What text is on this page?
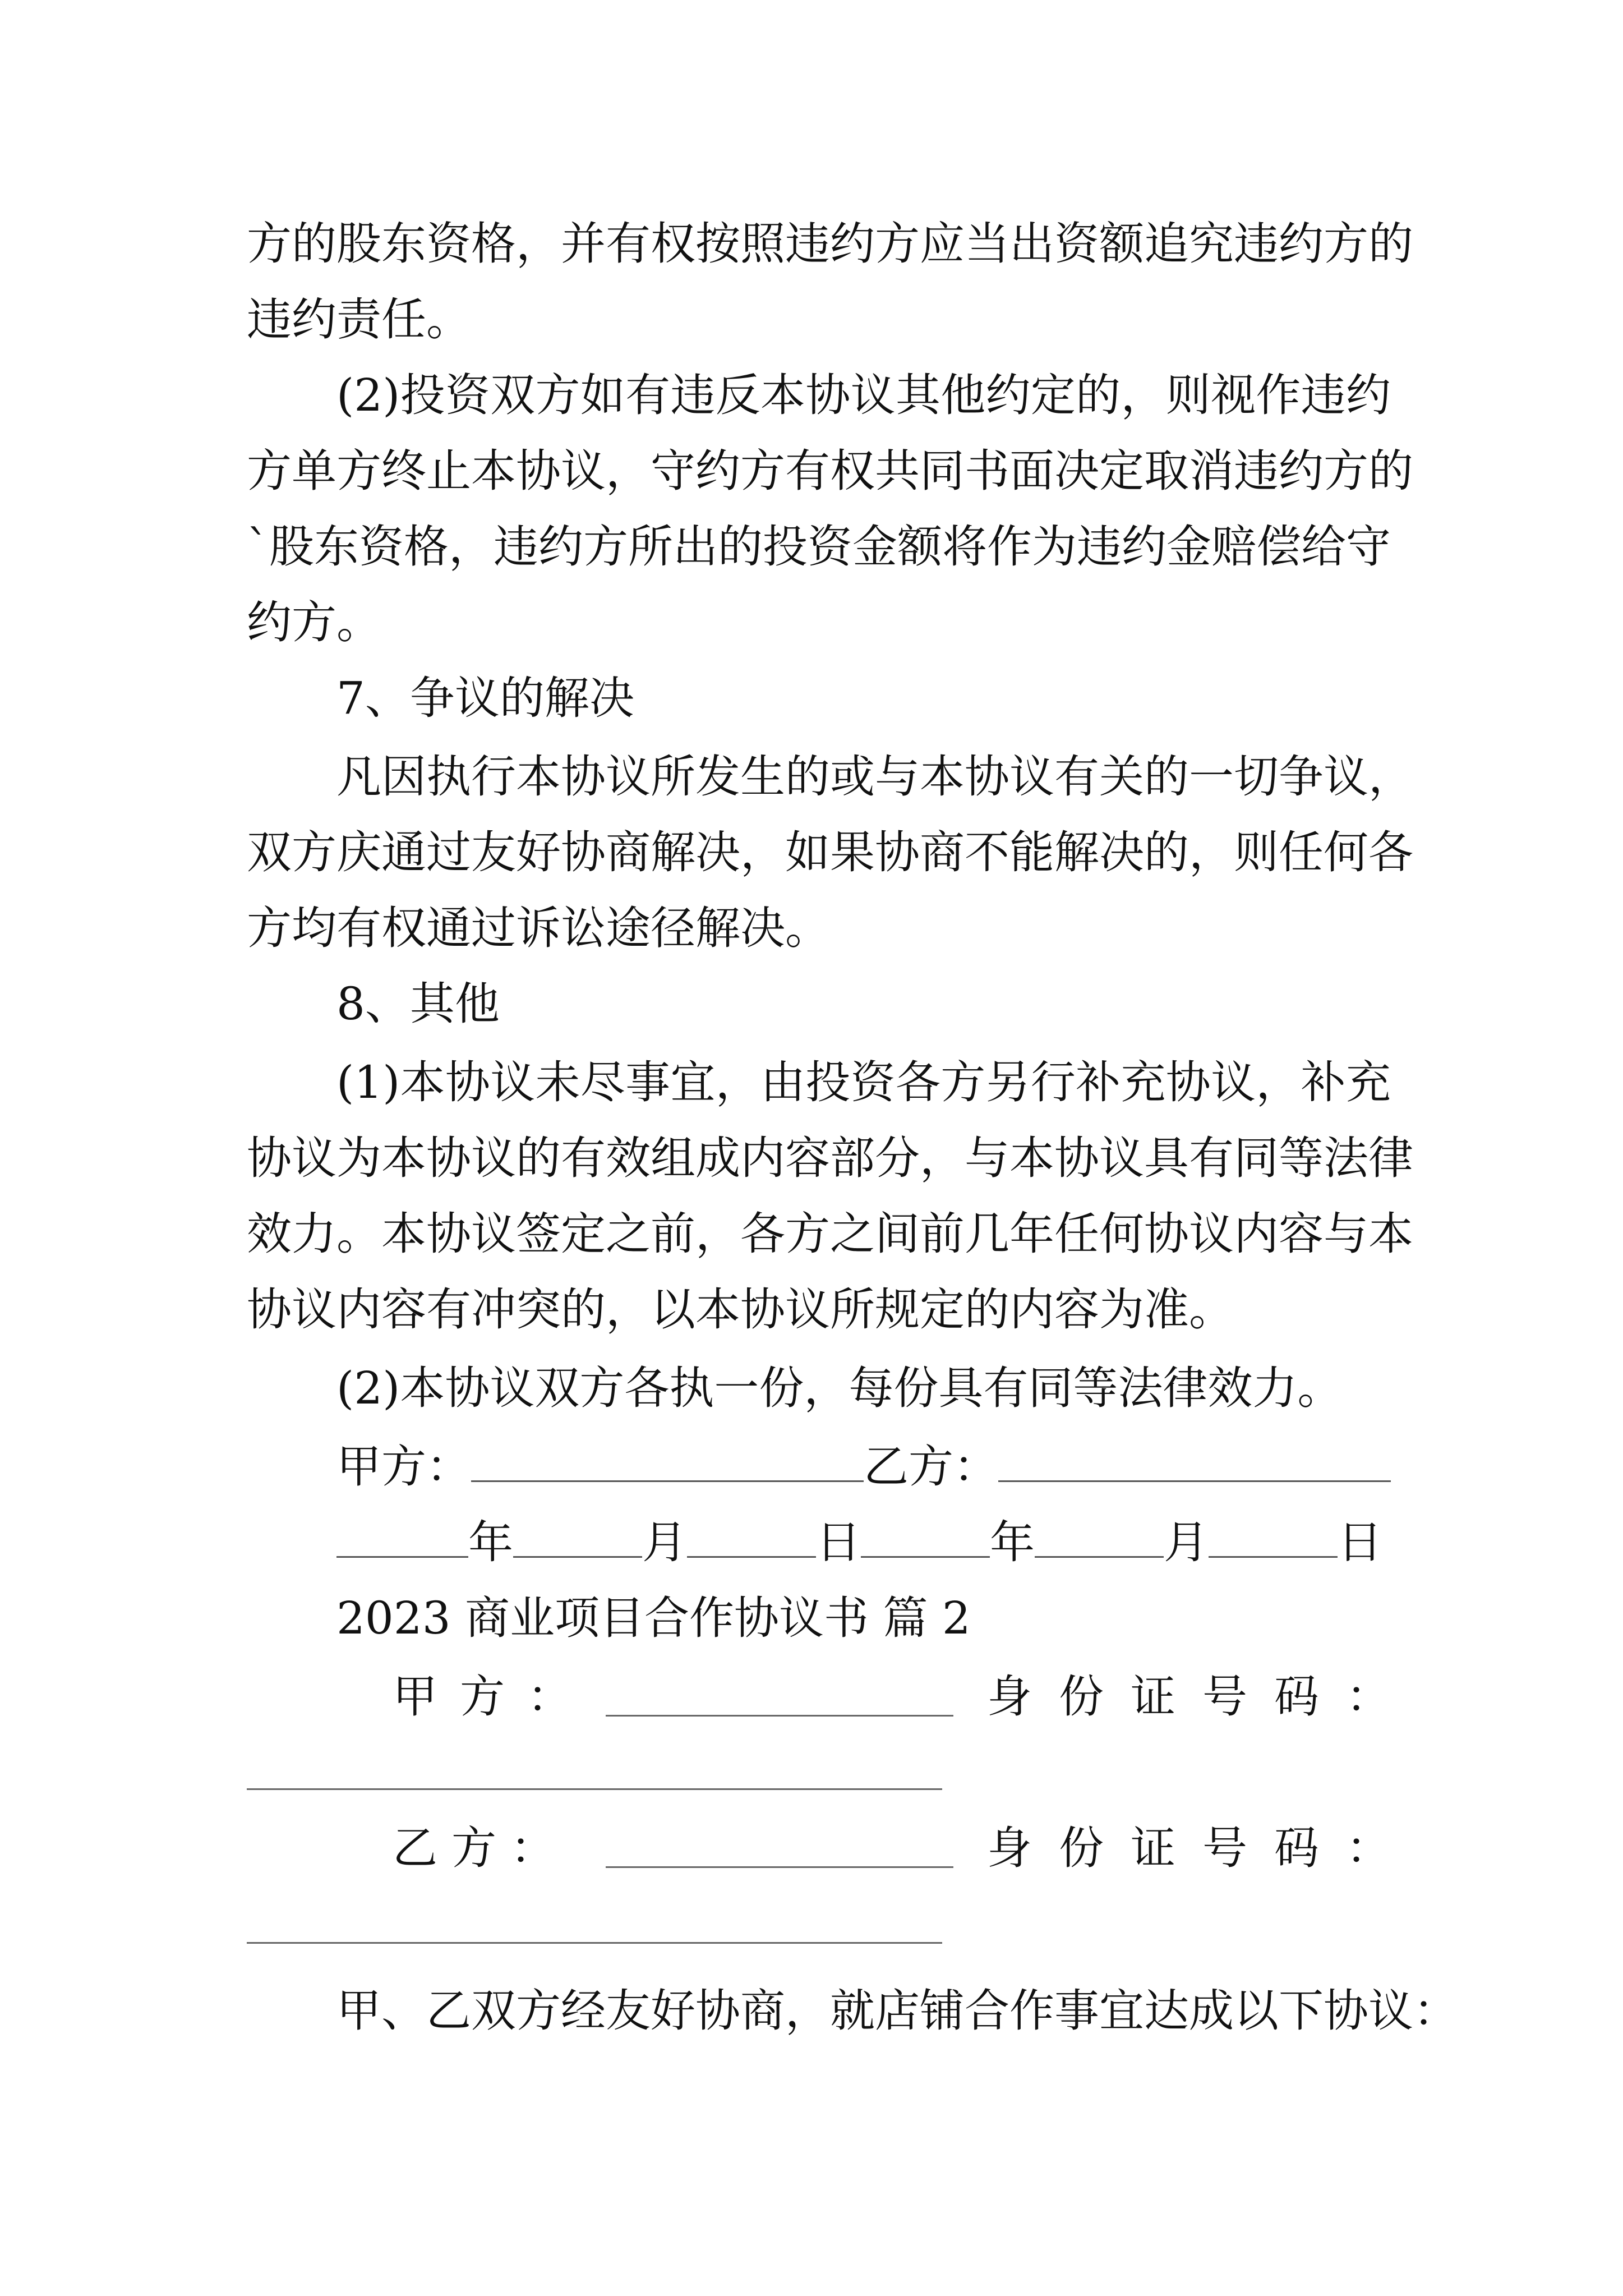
方的股东资格，并有权按照违约方应当出资额追究违约方的
违约责任。
(2)投资双方如有违反本协议其他约定的，则视作违约
方单方终止本协议，守约方有权共同书面决定取消违约方的
`股东资格，违约方所出的投资金额将作为违约金赔偿给守
约方。
7、争议的解决
凡因执行本协议所发生的或与本协议有关的一切争议，
双方庆通过友好协商解决，如果协商不能解决的，则任何各
方均有权通过诉讼途径解决。
8、其他
(1)本协议未尽事宜，由投资各方另行补充协议，补充
协议为本协议的有效组成内容部分，与本协议具有同等法律
效力。本协议签定之前，各方之间前几年任何协议内容与本
协议内容有冲突的，以本协议所规定的内容为准。
(2)本协议双方各执一份，每份具有同等法律效力。
甲方：	乙方：
年	月	日	年	月	日
2023 商业项目合作协议书 篇 2
甲 方 ：	身 份 证 号 码 ：
乙 方 ：	身 份 证 号 码 ：
甲、乙双方经友好协商，就店铺合作事宜达成以下协议：
